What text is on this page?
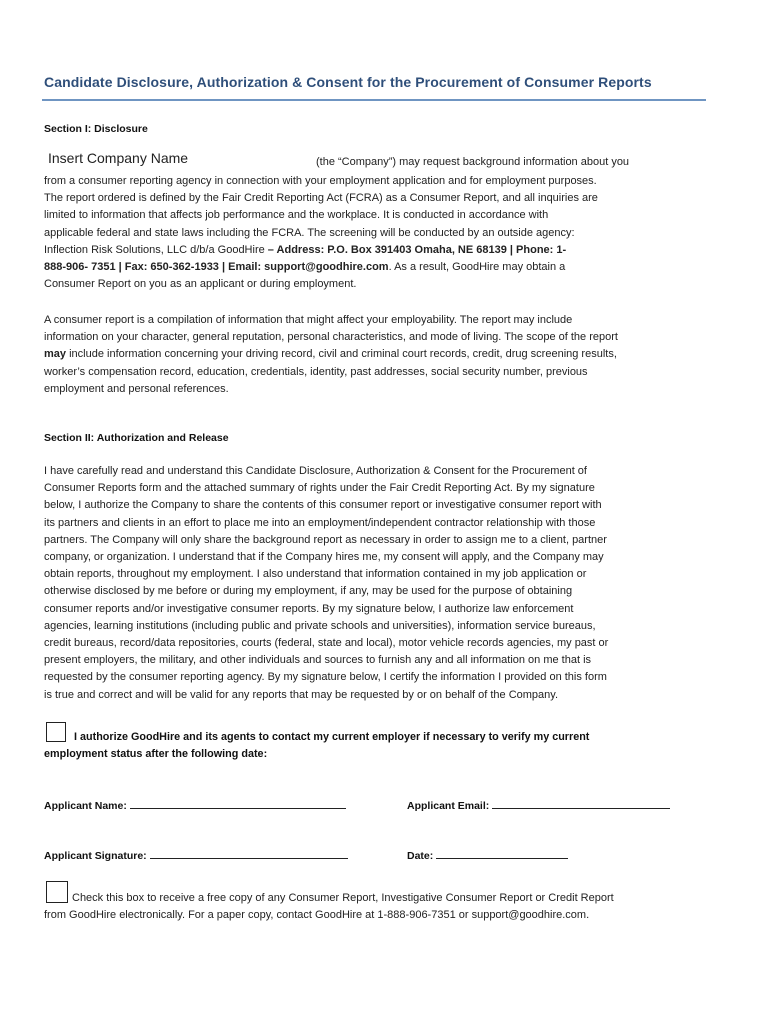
Candidate Disclosure, Authorization & Consent for the Procurement of Consumer Reports
Section I: Disclosure
Insert Company Name	(the “Company”) may request background information about you
from a consumer reporting agency in connection with your employment application and for employment purposes.
The report ordered is defined by the Fair Credit Reporting Act (FCRA) as a Consumer Report, and all inquiries are
limited to information that affects job performance and the workplace. It is conducted in accordance with
applicable federal and state laws including the FCRA. The screening will be conducted by an outside agency:
Inflection Risk Solutions, LLC d/b/a GoodHire – Address: P.O. Box 391403 Omaha, NE 68139 | Phone: 1-
888-906- 7351 | Fax: 650-362-1933 | Email: support@goodhire.com. As a result, GoodHire may obtain a
Consumer Report on you as an applicant or during employment.
A consumer report is a compilation of information that might affect your employability. The report may include
information on your character, general reputation, personal characteristics, and mode of living. The scope of the report
may include information concerning your driving record, civil and criminal court records, credit, drug screening results,
worker’s compensation record, education, credentials, identity, past addresses, social security number, previous
employment and personal references.
Section II: Authorization and Release
I have carefully read and understand this Candidate Disclosure, Authorization & Consent for the Procurement of
Consumer Reports form and the attached summary of rights under the Fair Credit Reporting Act. By my signature
below, I authorize the Company to share the contents of this consumer report or investigative consumer report with
its partners and clients in an effort to place me into an employment/independent contractor relationship with those
partners. The Company will only share the background report as necessary in order to assign me to a client, partner
company, or organization. I understand that if the Company hires me, my consent will apply, and the Company may
obtain reports, throughout my employment. I also understand that information contained in my job application or
otherwise disclosed by me before or during my employment, if any, may be used for the purpose of obtaining
consumer reports and/or investigative consumer reports. By my signature below, I authorize law enforcement
agencies, learning institutions (including public and private schools and universities), information service bureaus,
credit bureaus, record/data repositories, courts (federal, state and local), motor vehicle records agencies, my past or
present employers, the military, and other individuals and sources to furnish any and all information on me that is
requested by the consumer reporting agency. By my signature below, I certify the information I provided on this form
is true and correct and will be valid for any reports that may be requested by or on behalf of the Company.
I authorize GoodHire and its agents to contact my current employer if necessary to verify my current
employment status after the following date:
Applicant Name:	Applicant Email:
Applicant Signature:	Date:
Check this box to receive a free copy of any Consumer Report, Investigative Consumer Report or Credit Report
from GoodHire electronically. For a paper copy, contact GoodHire at 1-888-906-7351 or support@goodhire.com.
